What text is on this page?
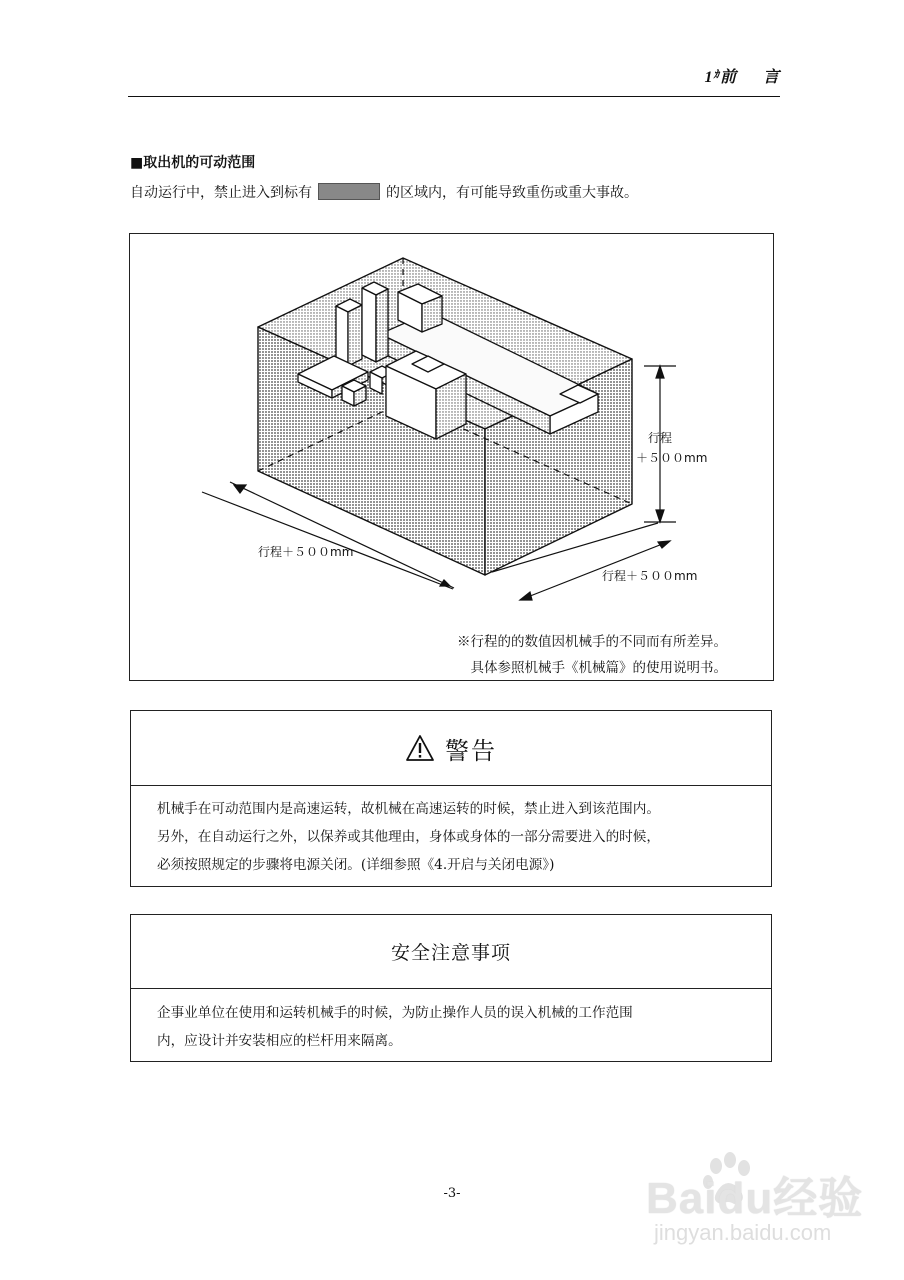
$1^ｶ$前 言
■取出机的可动范围
自动运行中，禁止进入到标有	的区域内，有可能导致重伤或重大事故。
行程
＋５００mm
行程＋５００mm
行程＋５００mm
※行程的的数值因机械手的不同而有所差异。
具体参照机械手《机械篇》的使用说明书。
警告
机械手在可动范围内是高速运转，故机械在高速运转的时候，禁止进入到该范围内。
另外，在自动运行之外，以保养或其他理由，身体或身体的一部分需要进入的时候，
必须按照规定的步骤将电源关闭。(详细参照《4.开启与关闭电源》)
安全注意事项
企事业单位在使用和运转机械手的时候，为防止操作人员的误入机械的工作范围
内，应设计并安装相应的栏杆用来隔离。
-3-	Baidu经验
jingyan.baidu.com
